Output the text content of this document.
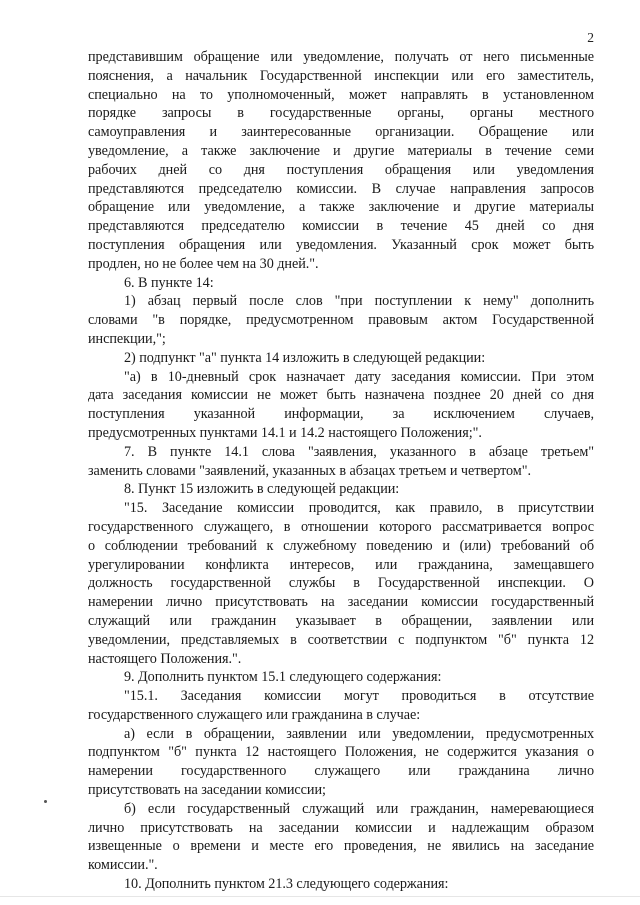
2
представившим обращение или уведомление, получать от него письменные
пояснения, а начальник Государственной инспекции или его заместитель,
специально на то уполномоченный, может направлять в установленном
порядке запросы в государственные органы, органы местного
самоуправления и заинтересованные организации. Обращение или
уведомление, а также заключение и другие материалы в течение семи
рабочих дней со дня поступления обращения или уведомления
представляются председателю комиссии. В случае направления запросов
обращение или уведомление, а также заключение и другие материалы
представляются председателю комиссии в течение 45 дней со дня
поступления обращения или уведомления. Указанный срок может быть
продлен, но не более чем на 30 дней.".
6. В пункте 14:
1) абзац первый после слов "при поступлении к нему" дополнить
словами "в порядке, предусмотренном правовым актом Государственной
инспекции,";
2) подпункт "а" пункта 14 изложить в следующей редакции:
"а) в 10-дневный срок назначает дату заседания комиссии. При этом
дата заседания комиссии не может быть назначена позднее 20 дней со дня
поступления указанной информации, за исключением случаев,
предусмотренных пунктами 14.1 и 14.2 настоящего Положения;".
7. В пункте 14.1 слова "заявления, указанного в абзаце третьем"
заменить словами "заявлений, указанных в абзацах третьем и четвертом".
8. Пункт 15 изложить в следующей редакции:
"15. Заседание комиссии проводится, как правило, в присутствии
государственного служащего, в отношении которого рассматривается вопрос
о соблюдении требований к служебному поведению и (или) требований об
урегулировании конфликта интересов, или гражданина, замещавшего
должность государственной службы в Государственной инспекции. О
намерении лично присутствовать на заседании комиссии государственный
служащий или гражданин указывает в обращении, заявлении или
уведомлении, представляемых в соответствии с подпунктом "б" пункта 12
настоящего Положения.".
9. Дополнить пунктом 15.1 следующего содержания:
"15.1. Заседания комиссии могут проводиться в отсутствие
государственного служащего или гражданина в случае:
а) если в обращении, заявлении или уведомлении, предусмотренных
подпунктом "б" пункта 12 настоящего Положения, не содержится указания о
намерении государственного служащего или гражданина лично
присутствовать на заседании комиссии;
б) если государственный служащий или гражданин, намеревающиеся
лично присутствовать на заседании комиссии и надлежащим образом
извещенные о времени и месте его проведения, не явились на заседание
комиссии.".
10. Дополнить пунктом 21.3 следующего содержания:
